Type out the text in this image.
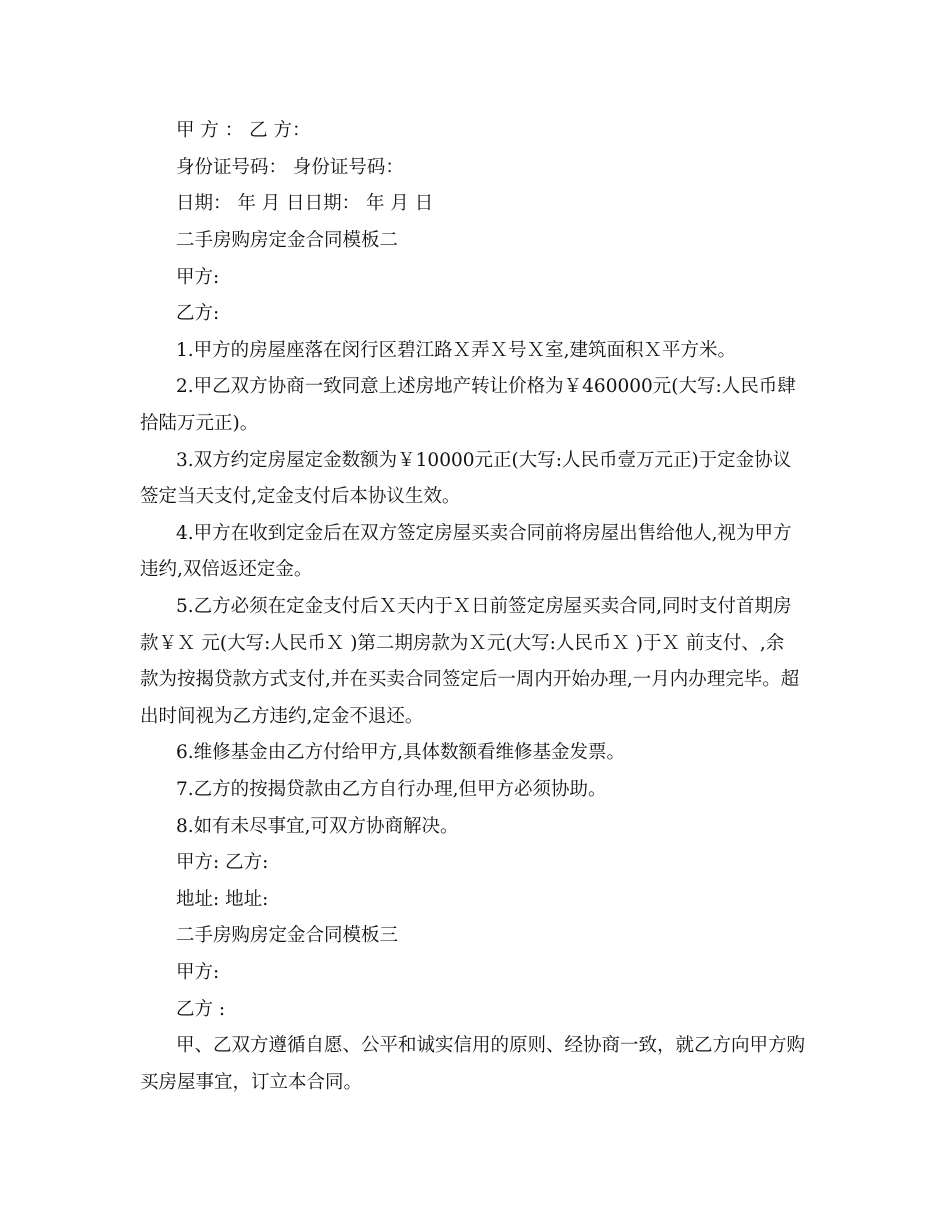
甲 方 ： 乙 方：
身份证号码： 身份证号码：
日期： 年 月 日日期： 年 月 日
二手房购房定金合同模板二
甲方:
乙方:
1.甲方的房屋座落在闵行区碧江路Ｘ弄Ｘ号Ｘ室,建筑面积Ｘ平方米。
2.甲乙双方协商一致同意上述房地产转让价格为￥460000元(大写:人民币肆
拾陆万元正)。
3.双方约定房屋定金数额为￥10000元正(大写:人民币壹万元正)于定金协议
签定当天支付,定金支付后本协议生效。
4.甲方在收到定金后在双方签定房屋买卖合同前将房屋出售给他人,视为甲方
违约,双倍返还定金。
5.乙方必须在定金支付后Ｘ天内于Ｘ日前签定房屋买卖合同,同时支付首期房
款￥Ｘ 元(大写:人民币Ｘ )第二期房款为Ｘ元(大写:人民币Ｘ )于Ｘ 前支付、,余
款为按揭贷款方式支付,并在买卖合同签定后一周内开始办理,一月内办理完毕。超
出时间视为乙方违约,定金不退还。
6.维修基金由乙方付给甲方,具体数额看维修基金发票。
7.乙方的按揭贷款由乙方自行办理,但甲方必须协助。
8.如有未尽事宜,可双方协商解决。
甲方: 乙方:
地址: 地址:
二手房购房定金合同模板三
甲方:
乙方 :
甲、乙双方遵循自愿、公平和诚实信用的原则、经协商一致，就乙方向甲方购
买房屋事宜，订立本合同。
